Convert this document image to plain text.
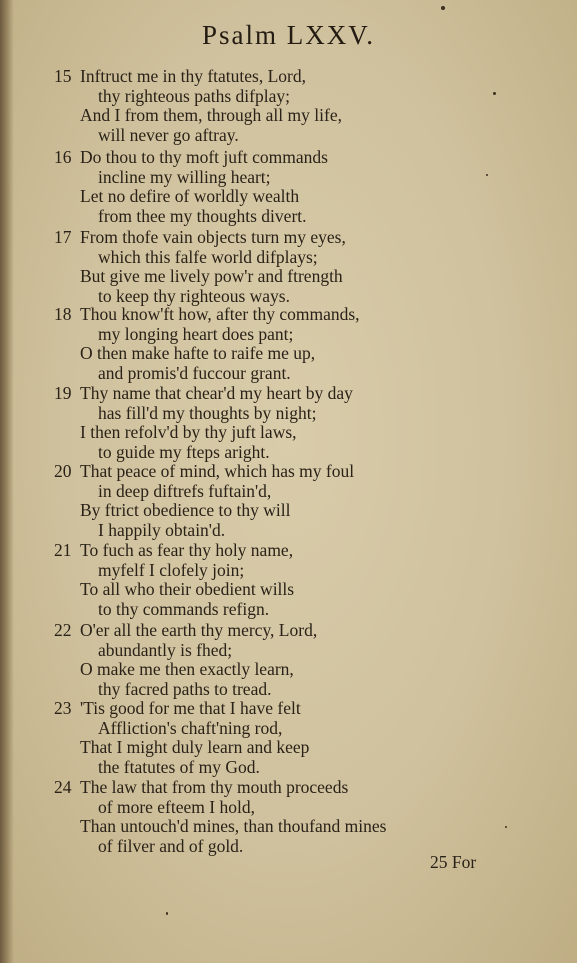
Psalm LXXV.
15 Inftruct me in thy ftatutes, Lord,
thy righteous paths difplay;
And I from them, through all my life,
will never go aftray.
16 Do thou to thy moft juft commands
incline my willing heart;
Let no defire of worldly wealth
from thee my thoughts divert.
17 From thofe vain objects turn my eyes,
which this falfe world difplays;
But give me lively pow'r and ftrength
to keep thy righteous ways.
18 Thou know'ft how, after thy commands,
my longing heart does pant;
O then make hafte to raife me up,
and promis'd fuccour grant.
19 Thy name that chear'd my heart by day
has fill'd my thoughts by night;
I then refolv'd by thy juft laws,
to guide my fteps aright.
20 That peace of mind, which has my foul
in deep diftrefs fuftain'd,
By ftrict obedience to thy will
I happily obtain'd.
21 To fuch as fear thy holy name,
myfelf I clofely join;
To all who their obedient wills
to thy commands refign.
22 O'er all the earth thy mercy, Lord,
abundantly is fhed;
O make me then exactly learn,
thy facred paths to tread.
23 'Tis good for me that I have felt
Affliction's chaft'ning rod,
That I might duly learn and keep
the ftatutes of my God.
24 The law that from thy mouth proceeds
of more efteem I hold,
Than untouch'd mines, than thoufand mines
of filver and of gold.
25 For
